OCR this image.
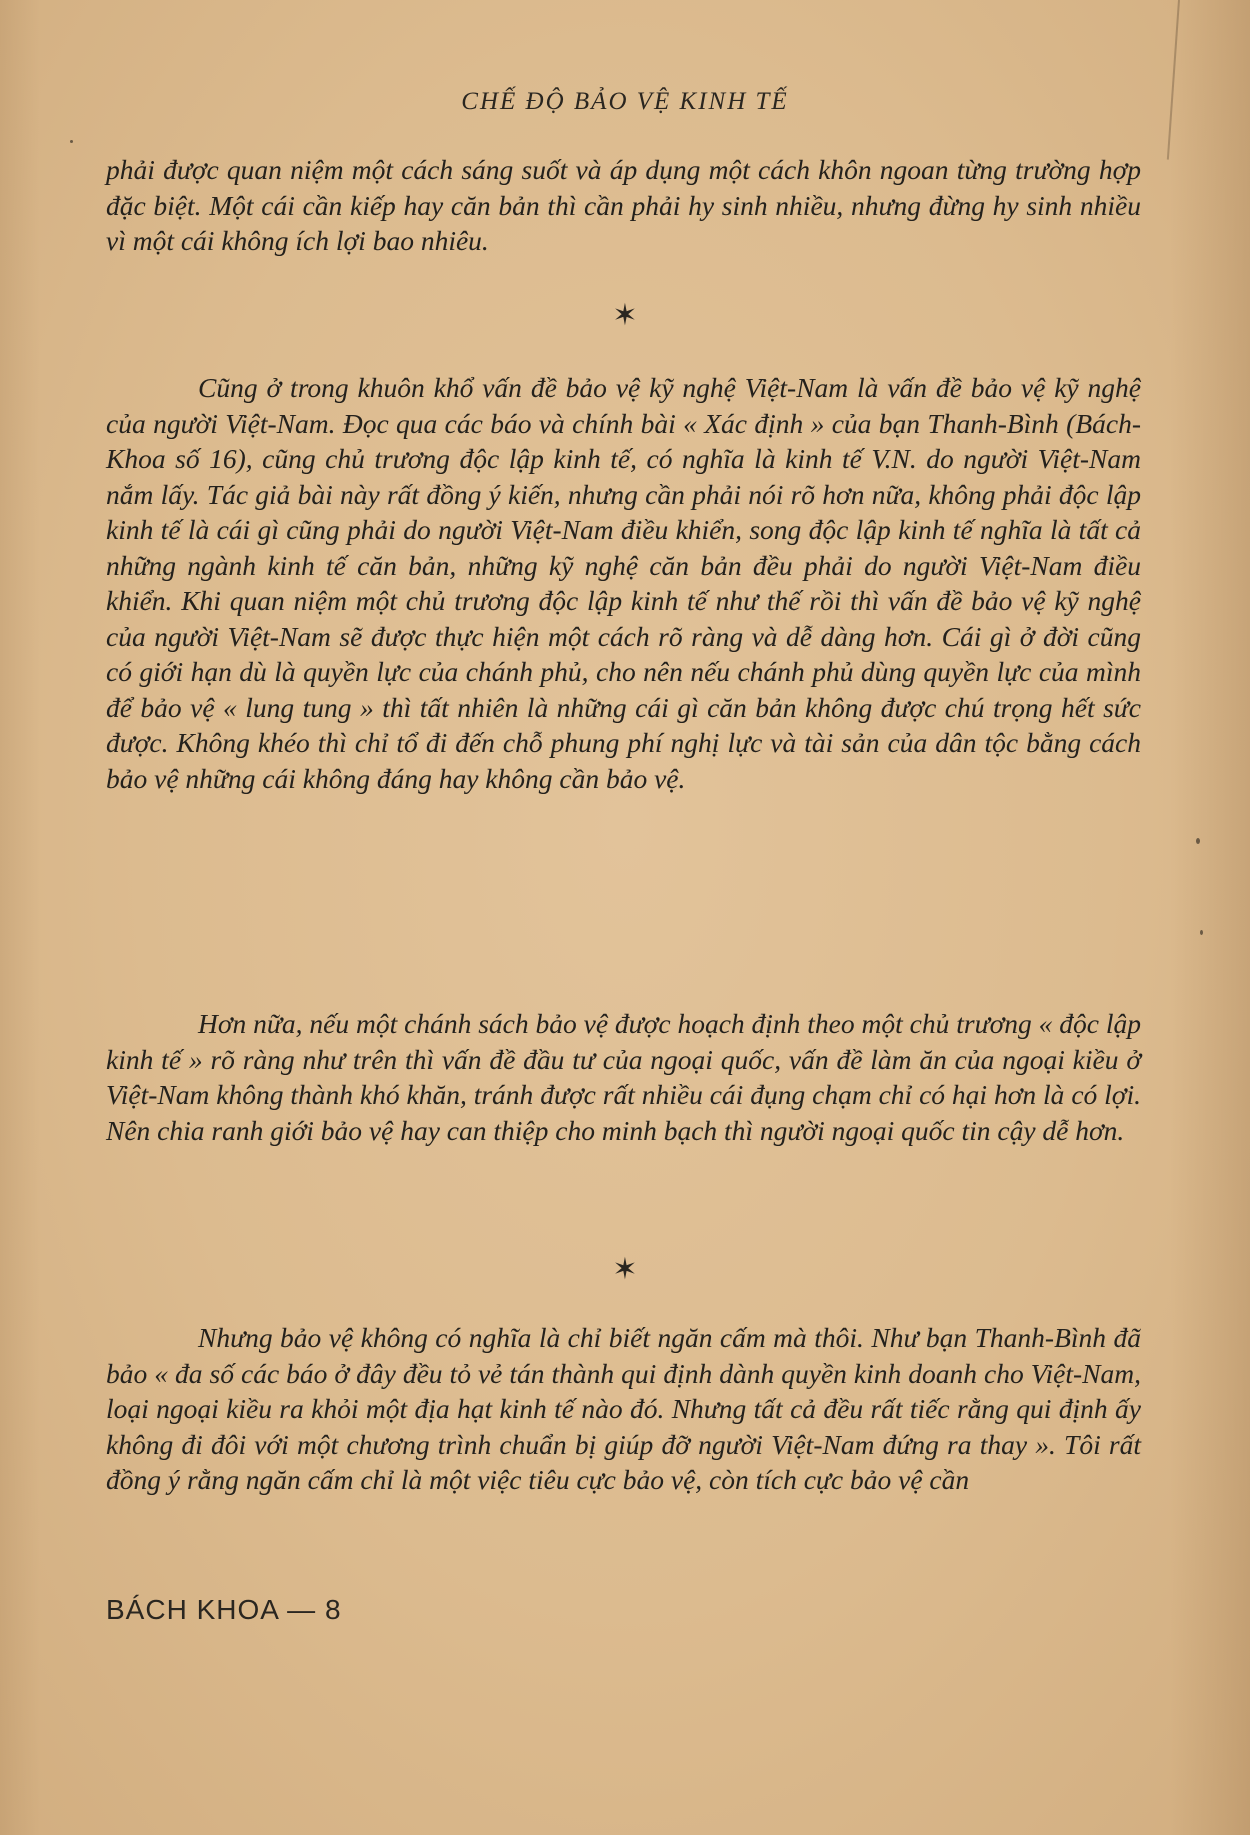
CHẾ ĐỘ BẢO VỆ KINH TẾ

phải được quan niệm một cách sáng suốt và áp dụng một cách khôn ngoan từng trường hợp đặc biệt. Một cái cần kiếp hay căn bản thì cần phải hy sinh nhiều, nhưng đừng hy sinh nhiều vì một cái không ích lợi bao nhiêu.

✶

Cũng ở trong khuôn khổ vấn đề bảo vệ kỹ nghệ Việt-Nam là vấn đề bảo vệ kỹ nghệ của người Việt-Nam. Đọc qua các báo và chính bài « Xác định » của bạn Thanh-Bình (Bách-Khoa số 16), cũng chủ trương độc lập kinh tế, có nghĩa là kinh tế V.N. do người Việt-Nam nắm lấy. Tác giả bài này rất đồng ý kiến, nhưng cần phải nói rõ hơn nữa, không phải độc lập kinh tế là cái gì cũng phải do người Việt-Nam điều khiển, song độc lập kinh tế nghĩa là tất cả những ngành kinh tế căn bản, những kỹ nghệ căn bản đều phải do người Việt-Nam điều khiển. Khi quan niệm một chủ trương độc lập kinh tế như thế rồi thì vấn đề bảo vệ kỹ nghệ của người Việt-Nam sẽ được thực hiện một cách rõ ràng và dễ dàng hơn. Cái gì ở đời cũng có giới hạn dù là quyền lực của chánh phủ, cho nên nếu chánh phủ dùng quyền lực của mình để bảo vệ « lung tung » thì tất nhiên là những cái gì căn bản không được chú trọng hết sức được. Không khéo thì chỉ tổ đi đến chỗ phung phí nghị lực và tài sản của dân tộc bằng cách bảo vệ những cái không đáng hay không cần bảo vệ.

Hơn nữa, nếu một chánh sách bảo vệ được hoạch định theo một chủ trương « độc lập kinh tế » rõ ràng như trên thì vấn đề đầu tư của ngoại quốc, vấn đề làm ăn của ngoại kiều ở Việt-Nam không thành khó khăn, tránh được rất nhiều cái đụng chạm chỉ có hại hơn là có lợi. Nên chia ranh giới bảo vệ hay can thiệp cho minh bạch thì người ngoại quốc tin cậy dễ hơn.

✶

Nhưng bảo vệ không có nghĩa là chỉ biết ngăn cấm mà thôi. Như bạn Thanh-Bình đã bảo « đa số các báo ở đây đều tỏ vẻ tán thành qui định dành quyền kinh doanh cho Việt-Nam, loại ngoại kiều ra khỏi một địa hạt kinh tế nào đó. Nhưng tất cả đều rất tiếc rằng qui định ấy không đi đôi với một chương trình chuẩn bị giúp đỡ người Việt-Nam đứng ra thay ». Tôi rất đồng ý rằng ngăn cấm chỉ là một việc tiêu cực bảo vệ, còn tích cực bảo vệ cần

BÁCH KHOA — 8
